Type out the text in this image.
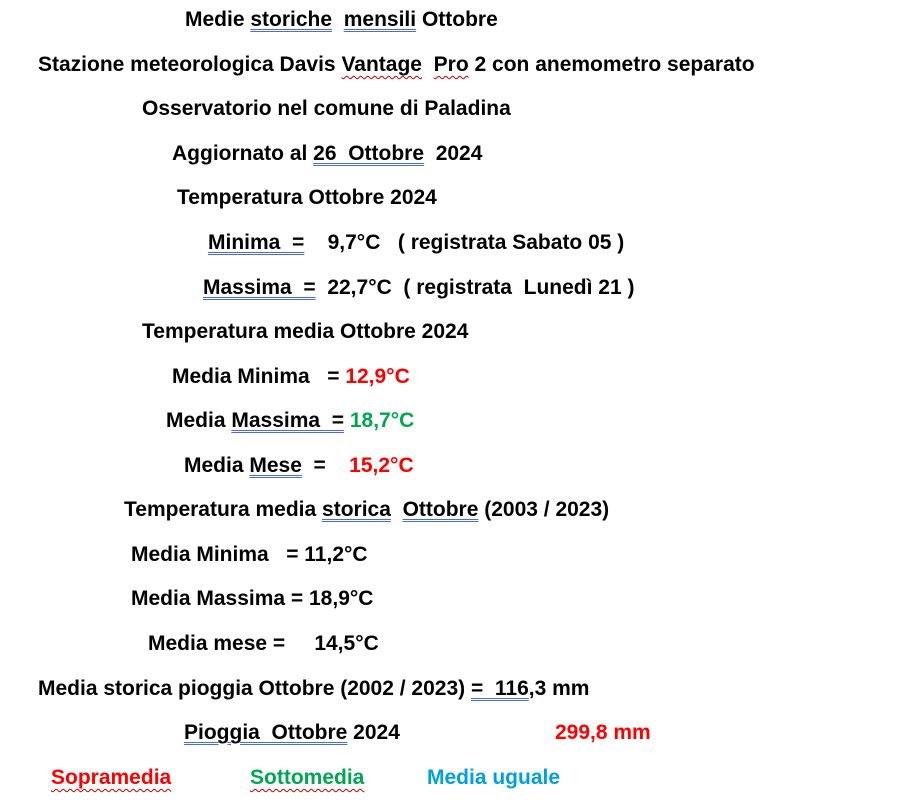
Medie storiche mensili Ottobre
Stazione meteorologica Davis Vantage Pro 2 con anemometro separato
Osservatorio nel comune di Paladina
Aggiornato al 26  Ottobre  2024
Temperatura Ottobre 2024
Minima  =    9,7°C   ( registrata Sabato 05 )
Massima  =  22,7°C  ( registrata  Lunedì 21 )
Temperatura media Ottobre 2024
Media Minima   = 12,9°C
Media Massima  = 18,7°C
Media Mese  =    15,2°C
Temperatura media storica Ottobre (2003 / 2023)
Media Minima   = 11,2°C
Media Massima = 18,9°C
Media mese =     14,5°C
Media storica pioggia Ottobre (2002 / 2023) =  116,3 mm
Pioggia  Ottobre 2024	299,8 mm
Sopramedia	Sottomedia	Media uguale
